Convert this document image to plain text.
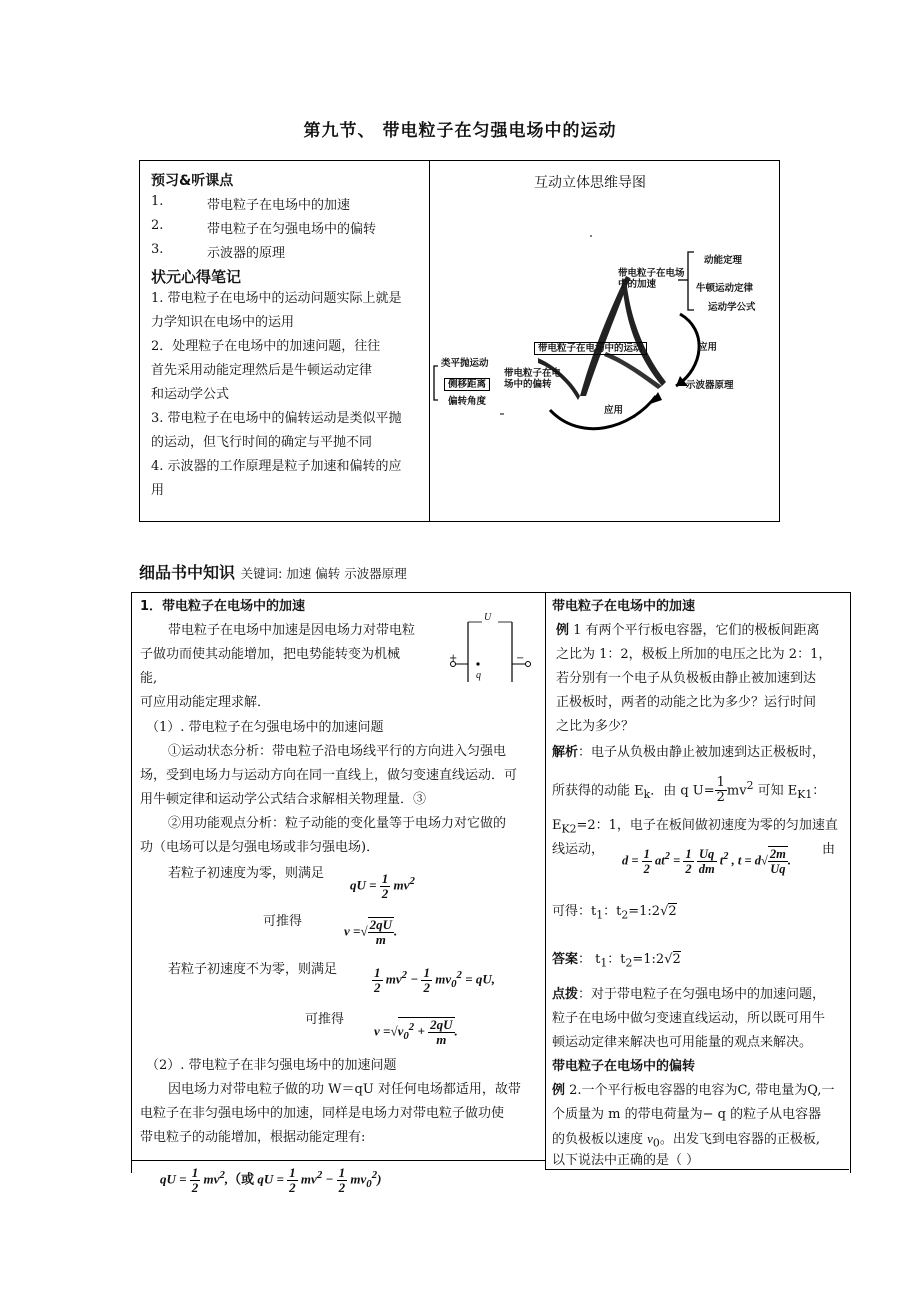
第九节、 带电粒子在匀强电场中的运动
预习&听课点
1.	带电粒子在电场中的加速
2.	带电粒子在匀强电场中的偏转
3.	示波器的原理
状元心得笔记
1. 带电粒子在电场中的运动问题实际上就是
力学知识在电场中的运用
2．处理粒子在电场中的加速问题，往往
首先采用动能定理然后是牛顿运动定律
和运动学公式
3. 带电粒子在电场中的偏转运动是类似平抛
的运动，但飞行时间的确定与平抛不同
4. 示波器的工作原理是粒子加速和偏转的应
用
互动立体思维导图
带电粒子在电场中的加速
动能定理
牛顿运动定律
运动学公式
带电粒子在电场中的运动	应用
类平抛运动
带电粒子在电场中的偏转
侧移距离	示波器原理
偏转角度
应用
细品书中知识 关键词: 加速 偏转 示波器原理
1．带电粒子在电场中的加速
带电粒子在电场中加速是因电场力对带电粒
子做功而使其动能增加，把电势能转变为机械
能,
可应用动能定理求解．
U
+	−
q
（1）. 带电粒子在匀强电场中的加速问题
①运动状态分析：带电粒子沿电场线平行的方向进入匀强电
场，受到电场力与运动方向在同一直线上，做匀变速直线运动．可
用牛顿定律和运动学公式结合求解相关物理量．③
②用功能观点分析：粒子动能的变化量等于电场力对它做的
功（电场可以是匀强电场或非匀强电场)．
若粒子初速度为零，则满足
qU = $\frac{1}{2} mv^2$
可推得
v =√ $\frac{2qU}{m}$ .
若粒子初速度不为零，则满足	$\frac{1}{2} mv^2 - \frac{1}{2} mv_0^2$ = qU,
可推得
$v =√v_0^2 + \frac{2qU}{m}$ .
（2）. 带电粒子在非匀强电场中的加速问题
因电场力对带电粒子做的功 W＝qU 对任何电场都适用，故带
电粒子在非匀强电场中的加速，同样是电场力对带电粒子做功使
带电粒子的动能增加，根据动能定理有:
qU = $\frac{1}{2} mv^2$,（或 qU = $\frac{1}{2} mv^2 - \frac{1}{2} mv_0^2$)
带电粒子在电场中的加速
例 1 有两个平行板电容器，它们的极板间距离
之比为 1：2，极板上所加的电压之比为 2：1，
若分别有一个电子从负极板由静止被加速到达
正极板时，两者的动能之比为多少？运行时间
之比为多少？
解析：电子从负极由静止被加速到达正极板时，
所获得的动能 $E_k$．由 q $U= \frac{1}{2} mv^2$ 可知 $E_{K1}$：
$E_{K2}=2$：1，电子在板间做初速度为零的匀加速直
线运动，	由
$d = \frac{1}{2} at^2 = \frac{1}{2}$
$\frac{Uq}{dm} t^2$ , $t = d√ \frac{2m}{Uq}$ .
可得：$t_1$：$t_2=1:2√2$
答案： $t_1$：$t_2=1:2√2$
点拨：对于带电粒子在匀强电场中的加速问题，
粒子在电场中做匀变速直线运动，所以既可用牛
顿运动定律来解决也可用能量的观点来解决。
带电粒子在电场中的偏转
例 2.一个平行板电容器的电容为C, 带电量为Q,一
个质量为 m 的带电荷量为− q 的粒子从电容器
的负极板以速度 $v_0$。出发飞到电容器的正极板,
以下说法中正确的是（ ）
